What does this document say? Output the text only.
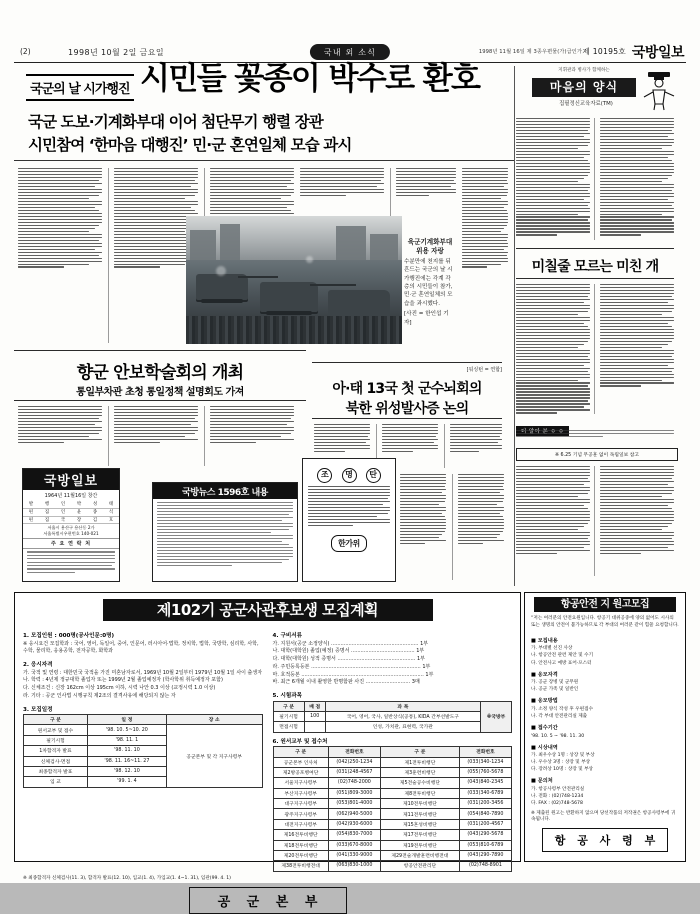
(2)	1998년 10월 2일 금요일	국내 외 소식	1998년 11월 16일 제 3종우편물(가)급인가 제 10195호 국방일보
국군의 날 시가행진 시민들 꽃종이 박수로 환호
국군 도보·기계화부대 이어 첨단무기 행렬 장관
시민참여 ‘한마음 대행진’ 민·군 혼연일체 모습 과시
육군기계화부대 위용 자랑
수분만에 천지를 뒤흔드는 국군의 날 시가행진에는 각계 각층의 시민들이 참가, 민·군 혼연일체의 모습을 과시했다.
[사진 = 한인섭 기자]
향군 안보학술회의 개최
통일부차관 초청 통일정책 설명회도 가져
[워싱턴 = 연합]
아·태 13국 첫 군수뇌회의
북한 위성발사증 논의
국방일보
1964년 11월16일 창간
발	행	인	박	성	태
편	집	인	윤	종	석
편	집	국	장	김	호
서울시 용산구 용산동 2가
서울특별시우편번호 140-021
주 요 연 락 처
국방뉴스 1596호 내용
조 명 탄
한가위
지휘관과 병사가 함께하는
마음의 양식
집필정신교육자료(TM)
미칠줄 모르는 미친 개
※ 6.25 기념 무공훈 없이 독립일보 참고
제102기 공군사관후보생 모집계획
1. 모집인원 : 000명(공사인문:0명)
※ 응시요건 모집학과 : 국어, 영어, 독일어, 중어, 인문어, 러시아어·법학, 정치학, 법학, 국방학, 심리학, 사학, 수학, 물리학, 응용공학, 전자공학, 화학과
2. 응시자격
가. 국적 및 연령 : 대한민국 국적을 가진 미혼남자로서, 1969년 10월 2일부터 1979년 10월 1일 사이 출생자
나. 학력 : 4년제 정규대학 졸업자 또는 1999년 2월 졸업예정자 (학사학위 취득예정자 포함)
다. 신체조건 : 신장 162cm 이상 195cm 이하, 시력 나안 0.3 이상 (교정시력 1.0 이상)
라. 기타 : 공군 인사법 시행규칙 제2조의 결격사유에 해당되지 않는 자
3. 모집일정
구 분	일 정	장 소
원서교부 및 접수	'98. 10. 5~10. 20	공군본부 및 각 지구사령부
필기시험	'98. 11. 1	
1차합격자 발표	'98. 11. 10	
신체검사·면접	'98. 11. 16~11. 27	
최종합격자 발표	'98. 12. 10	
입 교	'99. 1. 4	
4. 구비서류
가. 지원서(공군 소정양식) ....................................................... 1부
나. 대학(대학원) 졸업(예정) 증명서 ........................................ 1부
다. 대학(대학원) 성적 증명서 ................................................. 1부
라. 주민등록등본 ..................................................................... 1부
마. 호적등본 ............................................................................. 1부
바. 최근 6개월 이내 촬영한 반명함판 사진 ............................ 3매
5. 시험과목
구 분	배 점	과 목	※국방부
필기시험	100	국어, 영어, 국사, 일반상식(공통), KIDA 간부선발도구	
면접시험		인성, 가치관, 표현력, 국가관	
6. 원서교부 및 접수처
구 분	전화번호	구 분	전화번호
공군본부 인사처	(042)250-1234	제1전투비행단	(033)340-1234
제2방공포병여단	(031)248-4567	제3훈련비행단	(055)760-5678
서울지구사령부	(02)748-2000	제5전술공수비행단	(043)840-2345
부산지구사령부	(051)809-3000	제8전투비행단	(033)340-6789
대구지구사령부	(053)801-4000	제10전투비행단	(031)200-3456
광주지구사령부	(062)940-5000	제11전투비행단	(054)840-7890
대전지구사령부	(042)930-6000	제15혼성비행단	(031)200-4567
제16전투비행단	(054)830-7000	제17전투비행단	(043)290-5678
제18전투비행단	(033)670-8000	제19전투비행단	(053)810-6789
제20전투비행단	(041)330-9000	제29전술개발훈련비행전대	(043)290-7890
제38전투비행전대	(063)830-1000	항공안전관리단	(02)748-8901
※ 최종합격자 신체검사(11. 3), 합격자 발표(12. 10), 입교(1. 4), 가입교(1. 4~1. 31), 임관(99. 4. 1)
공 군 본 부
항공안전 지 원고모집
“저는 여러분의 안전요원입니다. 항공기 대위공중에 양의 없어도 시사의 또는 생명의 안전이 불가능하므로 각 부대의 여러분 같이 힘쓸 요청합니다.
■ 모집내용
가. 부대별 선진 사상
나. 항공안전 관련 제안 및 수기
다. 안전사고 예방 표어·포스터
■ 응모자격
가. 공군 장병 및 군무원
나. 공군 가족 및 일반인
■ 응모방법
가. 소정 양식 작성 후 우편접수
나. 각 부대 안전관리실 제출
■ 접수기간
'98. 10. 5 ~ '98. 11. 30
■ 시상내역
가. 최우수상 1명 : 상장 및 부상
나. 우수상 3명 : 상장 및 부상
다. 장려상 10명 : 상장 및 부상
■ 문의처
가. 항공사령부 안전관리실
나. 전화 : (02)748-1234
다. FAX : (02)748-5678
※ 제출된 원고는 반환하지 않으며 당선작품의 저작권은 항공사령부에 귀속됩니다.
항 공 사 령 부
